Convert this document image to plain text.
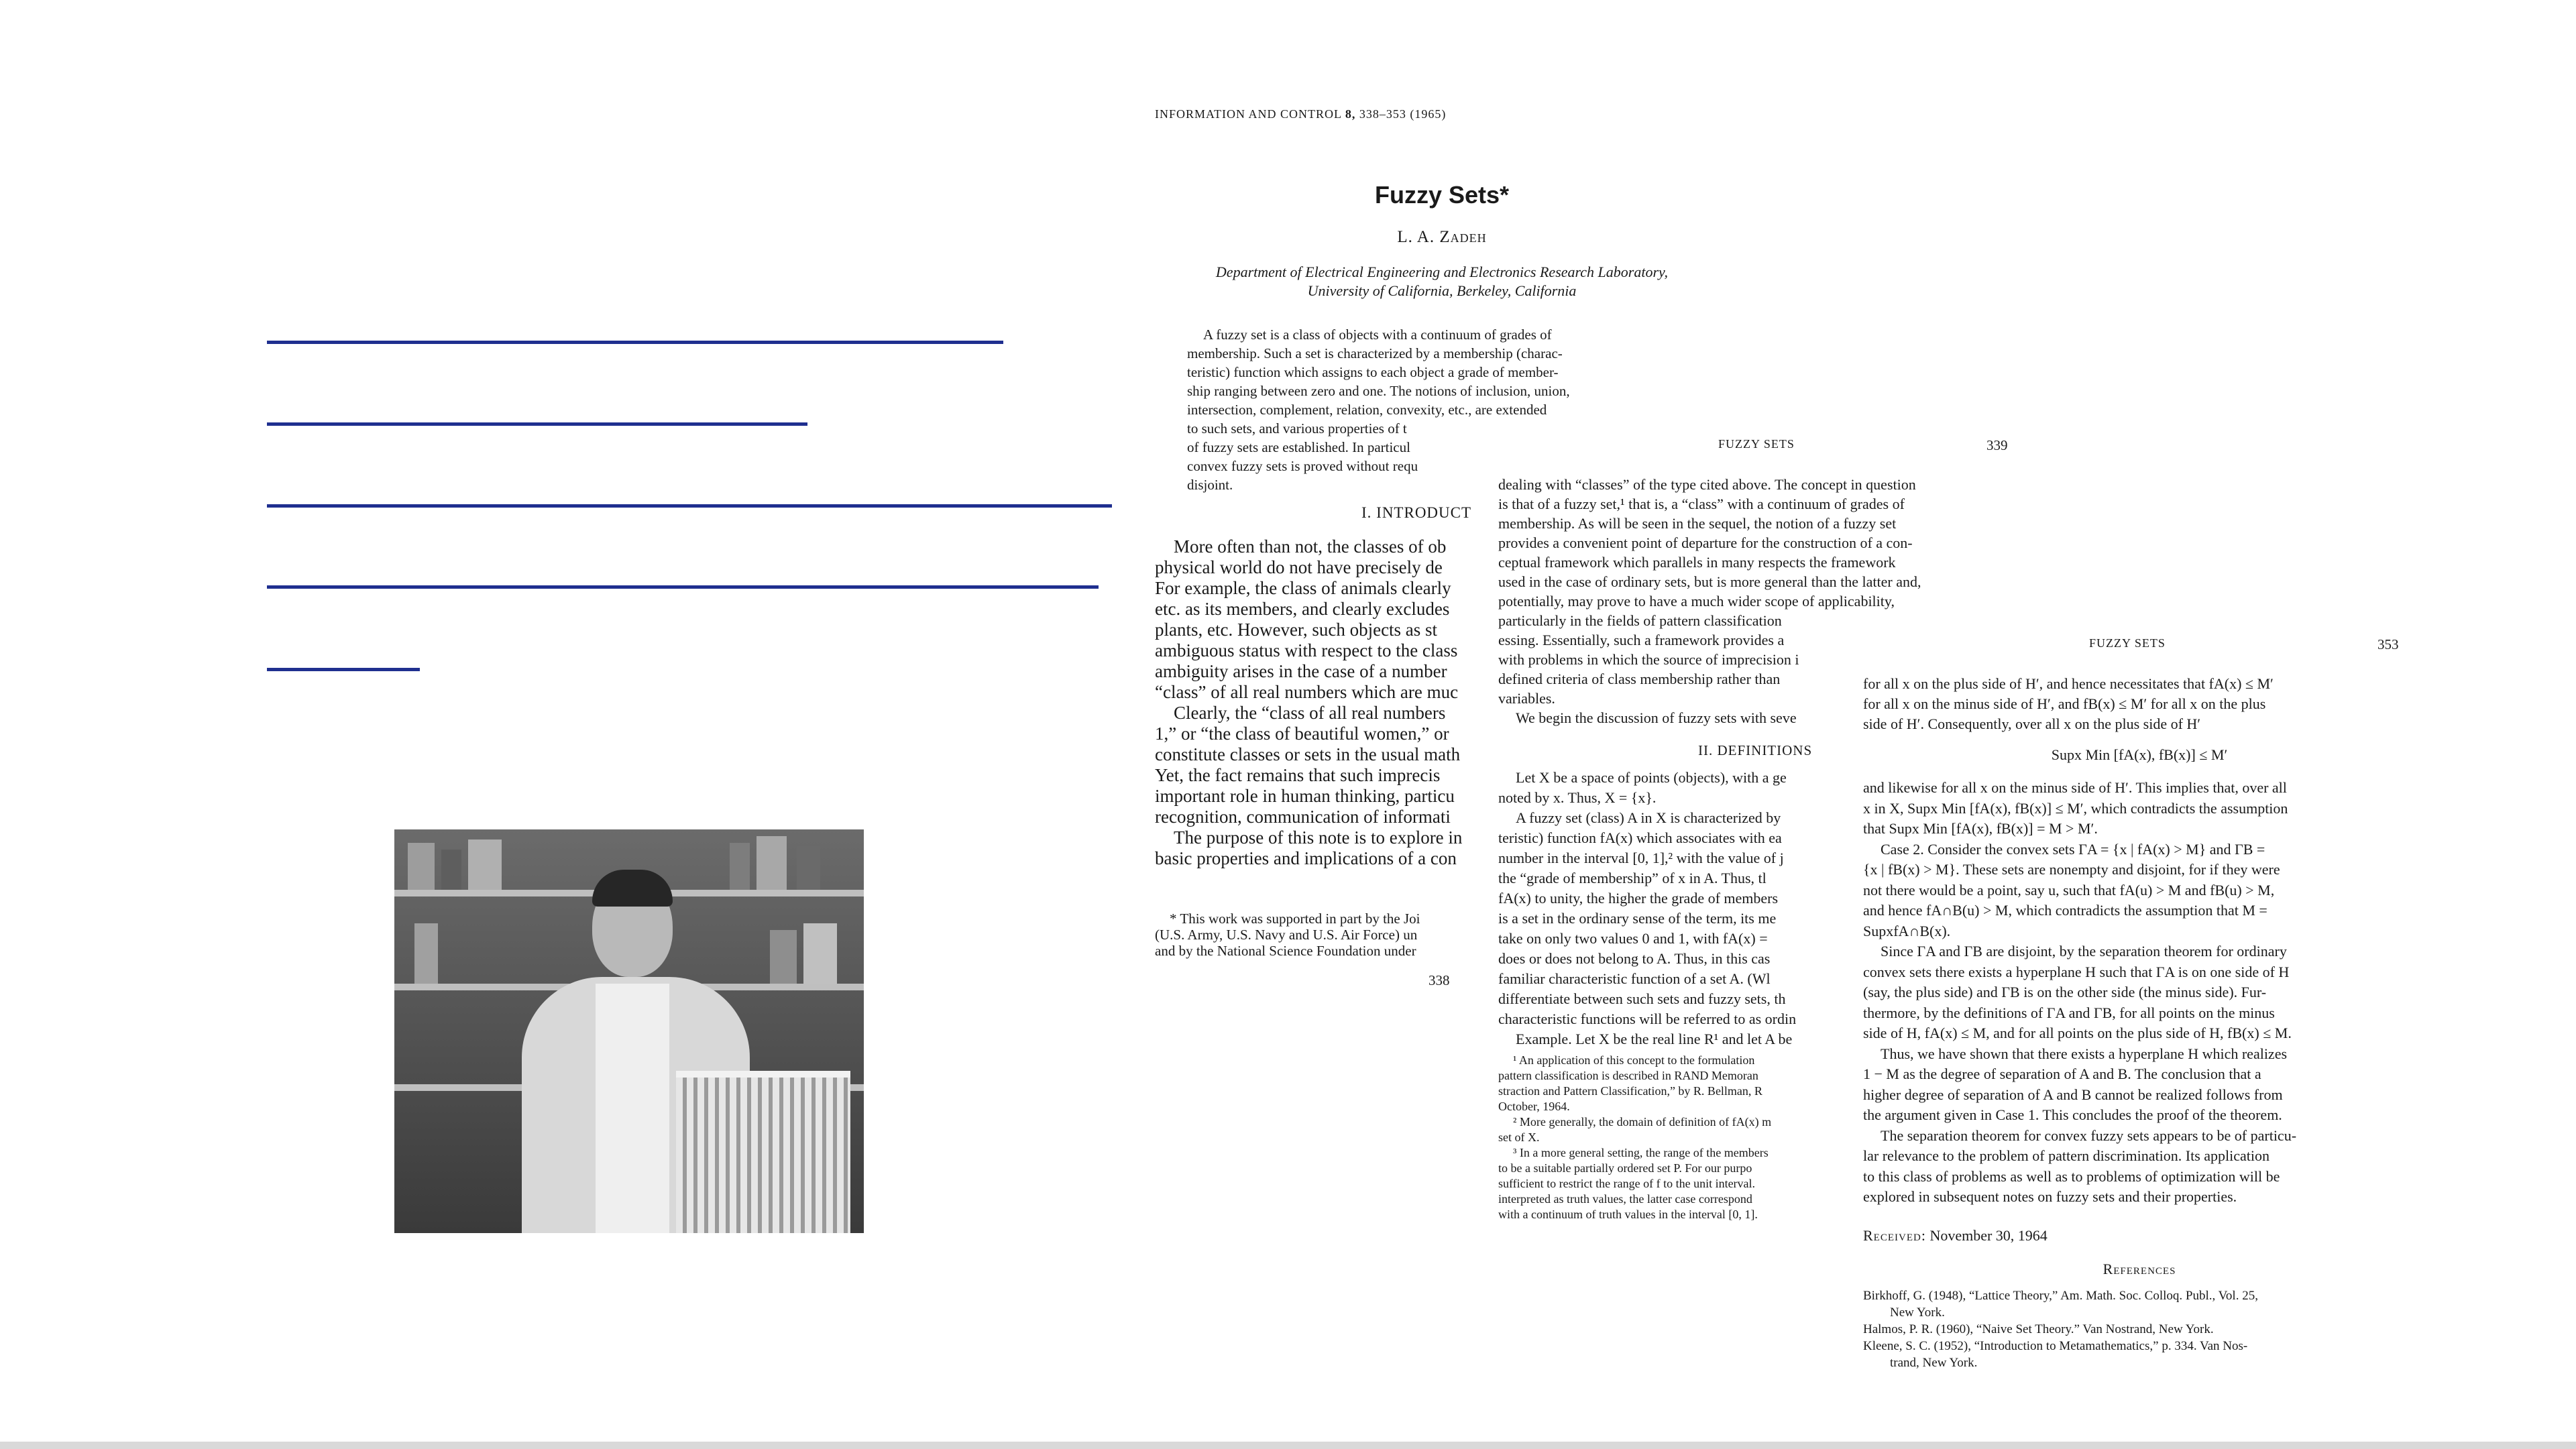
INFORMATION AND CONTROL 8, 338–353 (1965)
Fuzzy Sets*
L. A. Zadeh
Department of Electrical Engineering and Electronics Research Laboratory,
University of California, Berkeley, California

A fuzzy set is a class of objects with a continuum of grades of

membership. Such a set is characterized by a membership (charac-

teristic) function which assigns to each object a grade of member-

ship ranging between zero and one. The notions of inclusion, union,

intersection, complement, relation, convexity, etc., are extended

to such sets, and various properties of t

of fuzzy sets are established. In particul

convex fuzzy sets is proved without requ

disjoint.

I. INTRODUCT

More often than not, the classes of ob

physical world do not have precisely de

For example, the class of animals clearly

etc. as its members, and clearly excludes

plants, etc. However, such objects as st

ambiguous status with respect to the class

ambiguity arises in the case of a number

“class” of all real numbers which are muc

Clearly, the “class of all real numbers

1,” or “the class of beautiful women,” or

constitute classes or sets in the usual math

Yet, the fact remains that such imprecis

important role in human thinking, particu

recognition, communication of informati

The purpose of this note is to explore in

basic properties and implications of a con

* This work was supported in part by the Joi

(U.S. Army, U.S. Navy and U.S. Air Force) un

and by the National Science Foundation under

338
FUZZY SETS	339

dealing with “classes” of the type cited above. The concept in question

is that of a fuzzy set,¹ that is, a “class” with a continuum of grades of

membership. As will be seen in the sequel, the notion of a fuzzy set

provides a convenient point of departure for the construction of a con-

ceptual framework which parallels in many respects the framework

used in the case of ordinary sets, but is more general than the latter and,

potentially, may prove to have a much wider scope of applicability,

particularly in the fields of pattern classification

essing. Essentially, such a framework provides a

with problems in which the source of imprecision i

defined criteria of class membership rather than

variables.

We begin the discussion of fuzzy sets with seve

II. DEFINITIONS

Let X be a space of points (objects), with a ge

noted by x. Thus, X = {x}.

A fuzzy set (class) A in X is characterized by

teristic) function fA(x) which associates with ea

number in the interval [0, 1],² with the value of j

the “grade of membership” of x in A. Thus, tl

fA(x) to unity, the higher the grade of members

is a set in the ordinary sense of the term, its me

take on only two values 0 and 1, with fA(x) =

does or does not belong to A. Thus, in this cas

familiar characteristic function of a set A. (Wl

differentiate between such sets and fuzzy sets, th

characteristic functions will be referred to as ordin

Example. Let X be the real line R¹ and let A be

¹ An application of this concept to the formulation

pattern classification is described in RAND Memoran

straction and Pattern Classification,” by R. Bellman, R

October, 1964.

² More generally, the domain of definition of fA(x) m

set of X.

³ In a more general setting, the range of the members

to be a suitable partially ordered set P. For our purpo

sufficient to restrict the range of f to the unit interval.

interpreted as truth values, the latter case correspond

with a continuum of truth values in the interval [0, 1].

FUZZY SETS	353

for all x on the plus side of H′, and hence necessitates that fA(x) ≤ M′

for all x on the minus side of H′, and fB(x) ≤ M′ for all x on the plus

side of H′. Consequently, over all x on the plus side of H′

Supx Min [fA(x), fB(x)] ≤ M′

and likewise for all x on the minus side of H′. This implies that, over all

x in X, Supx Min [fA(x), fB(x)] ≤ M′, which contradicts the assumption

that Supx Min [fA(x), fB(x)] = M > M′.

Case 2. Consider the convex sets ΓA = {x | fA(x) > M} and ΓB =

{x | fB(x) > M}. These sets are nonempty and disjoint, for if they were

not there would be a point, say u, such that fA(u) > M and fB(u) > M,

and hence fA∩B(u) > M, which contradicts the assumption that M =

SupxfA∩B(x).

Since ΓA and ΓB are disjoint, by the separation theorem for ordinary

convex sets there exists a hyperplane H such that ΓA is on one side of H

(say, the plus side) and ΓB is on the other side (the minus side). Fur-

thermore, by the definitions of ΓA and ΓB, for all points on the minus

side of H, fA(x) ≤ M, and for all points on the plus side of H, fB(x) ≤ M.

Thus, we have shown that there exists a hyperplane H which realizes

1 − M as the degree of separation of A and B. The conclusion that a

higher degree of separation of A and B cannot be realized follows from

the argument given in Case 1. This concludes the proof of the theorem.

The separation theorem for convex fuzzy sets appears to be of particu-

lar relevance to the problem of pattern discrimination. Its application

to this class of problems as well as to problems of optimization will be

explored in subsequent notes on fuzzy sets and their properties.

Received: November 30, 1964
References

Birkhoff, G. (1948), “Lattice Theory,” Am. Math. Soc. Colloq. Publ., Vol. 25,

New York.

Halmos, P. R. (1960), “Naive Set Theory.” Van Nostrand, New York.

Kleene, S. C. (1952), “Introduction to Metamathematics,” p. 334. Van Nos-

trand, New York.
